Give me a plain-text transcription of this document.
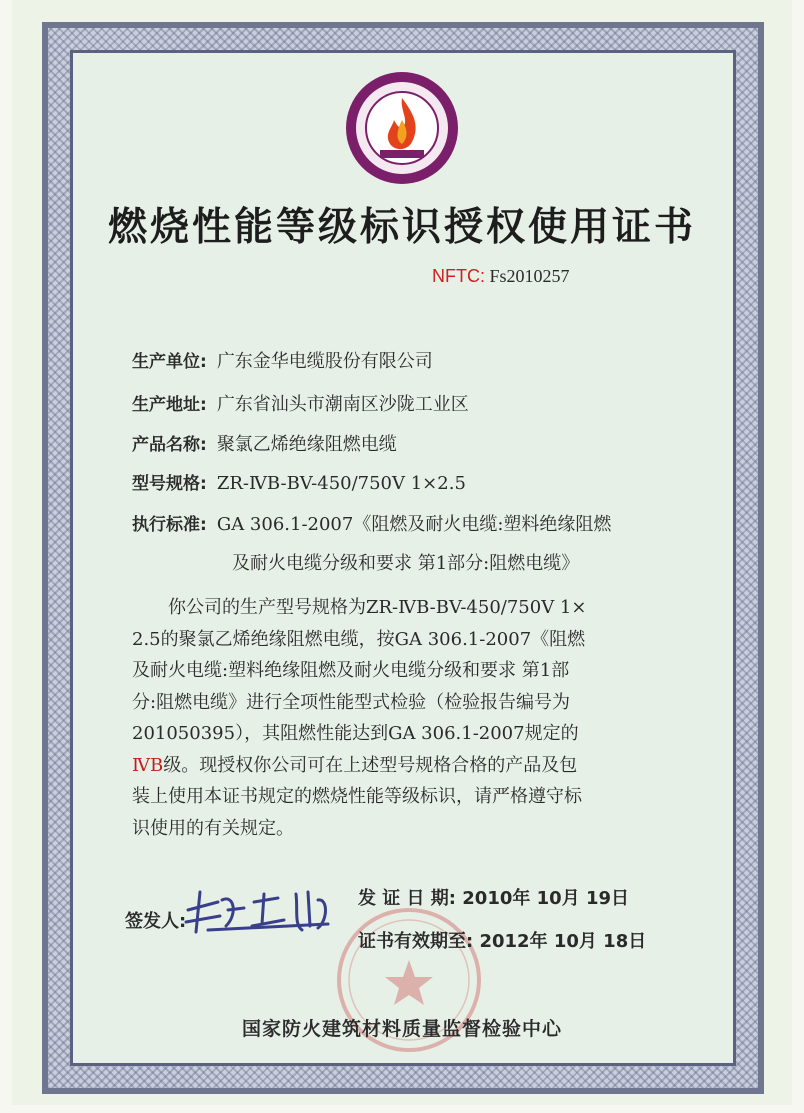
燃烧性能等级标识授权使用证书
NFTC: Fs2010257
生产单位: 广东金华电缆股份有限公司
生产地址: 广东省汕头市潮南区沙陇工业区
产品名称: 聚氯乙烯绝缘阻燃电缆
型号规格: ZR-ⅣB-BV-450/750V 1×2.5
执行标准: GA 306.1-2007《阻燃及耐火电缆:塑料绝缘阻燃
及耐火电缆分级和要求 第1部分:阻燃电缆》
你公司的生产型号规格为ZR-ⅣB-BV-450/750V 1×
2.5的聚氯乙烯绝缘阻燃电缆，按GA 306.1-2007《阻燃
及耐火电缆:塑料绝缘阻燃及耐火电缆分级和要求 第1部
分:阻燃电缆》进行全项性能型式检验（检验报告编号为
201050395），其阻燃性能达到GA 306.1-2007规定的
ⅣB级。现授权你公司可在上述型号规格合格的产品及包
装上使用本证书规定的燃烧性能等级标识，请严格遵守标
识使用的有关规定。
签发人:
发 证 日 期: 2010年 10月 19日
证书有效期至: 2012年 10月 18日
国家防火建筑材料质量监督检验中心
